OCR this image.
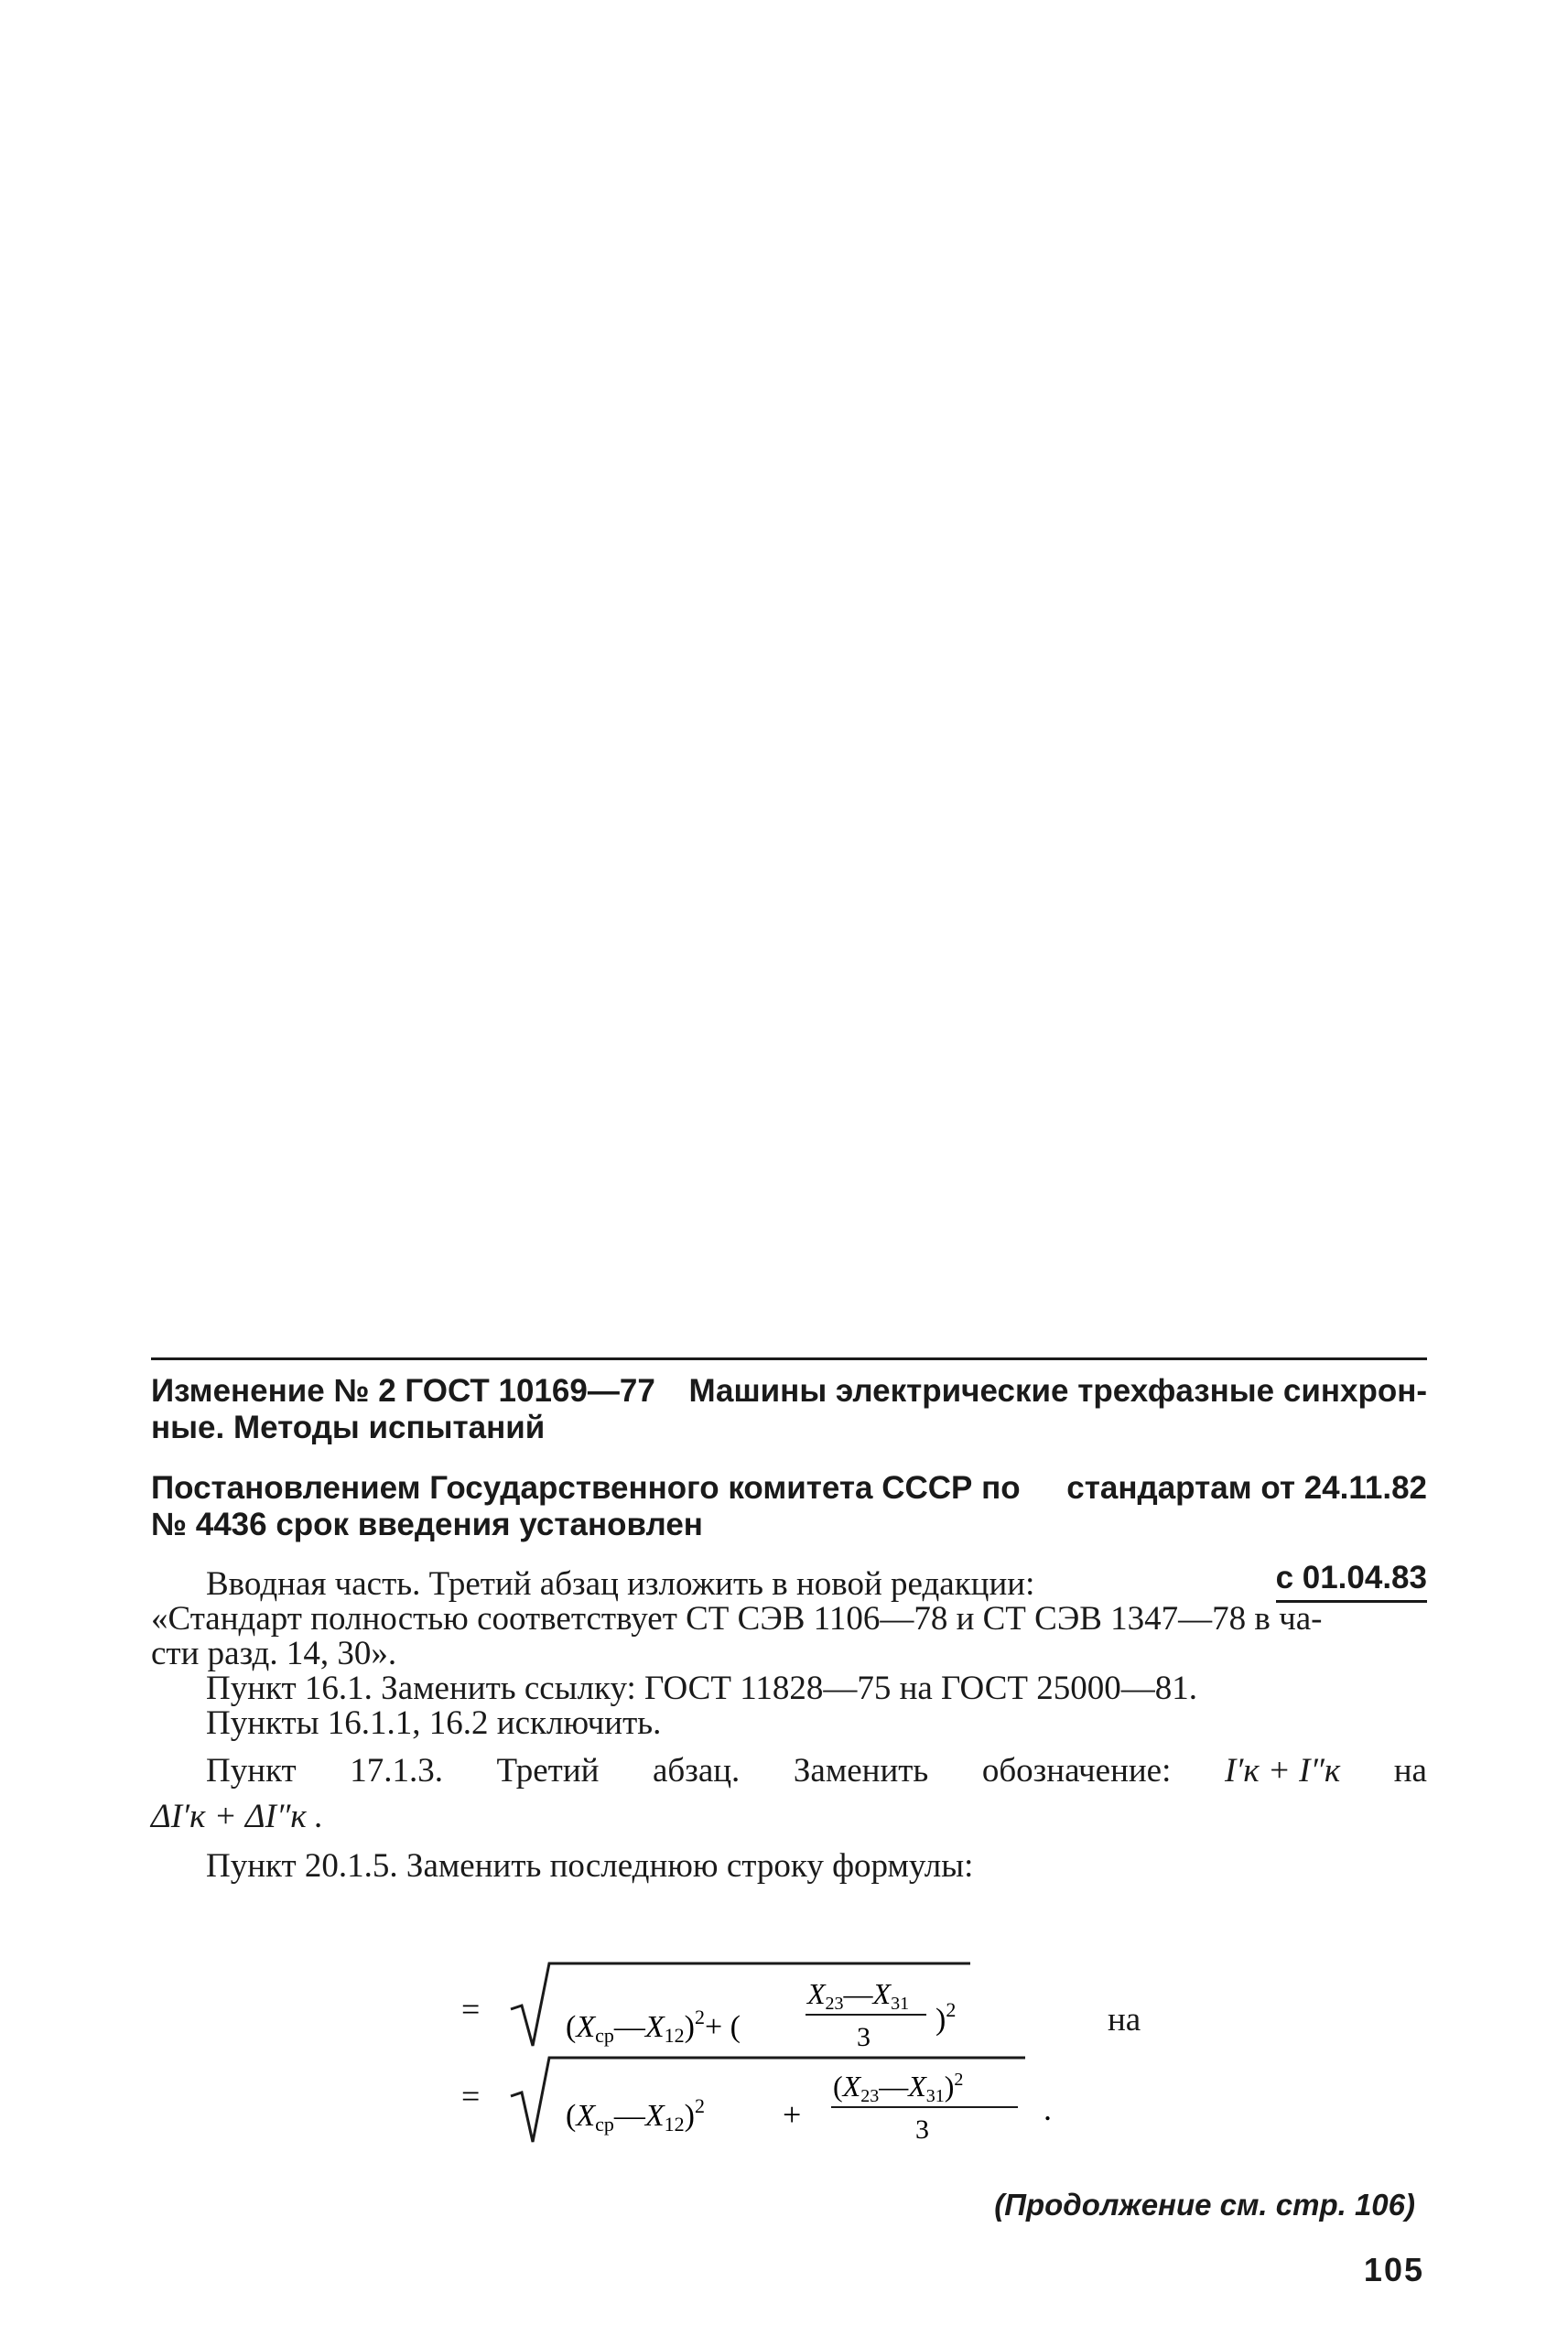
Изменение № 2 ГОСТ 10169—77 Машины электрические трехфазные синхрон-
ные. Методы испытаний
Постановлением Государственного комитета СССР по стандартам от 24.11.82
№ 4436 срок введения установлен
с 01.04.83
Вводная часть. Третий абзац изложить в новой редакции:
«Стандарт полностью соответствует СТ СЭВ 1106—78 и СТ СЭВ 1347—78 в ча-
сти разд. 14, 30».
Пункт 16.1. Заменить ссылку: ГОСТ 11828—75 на ГОСТ 25000—81.
Пункты 16.1.1, 16.2 исключить.
Пункт 17.1.3. Третий абзац. Заменить обозначение: I′к + I″к на
ΔI′к + ΔI″к .
Пункт 20.1.5. Заменить последнюю строку формулы:
=	(Xср—X12)$^2$+ (
X23—X31
3
)$^2$	на
=
(Xср—X12)$^2$ +
(X23—X31)$^2$
3
.
(Продолжение см. стр. 106)
105
